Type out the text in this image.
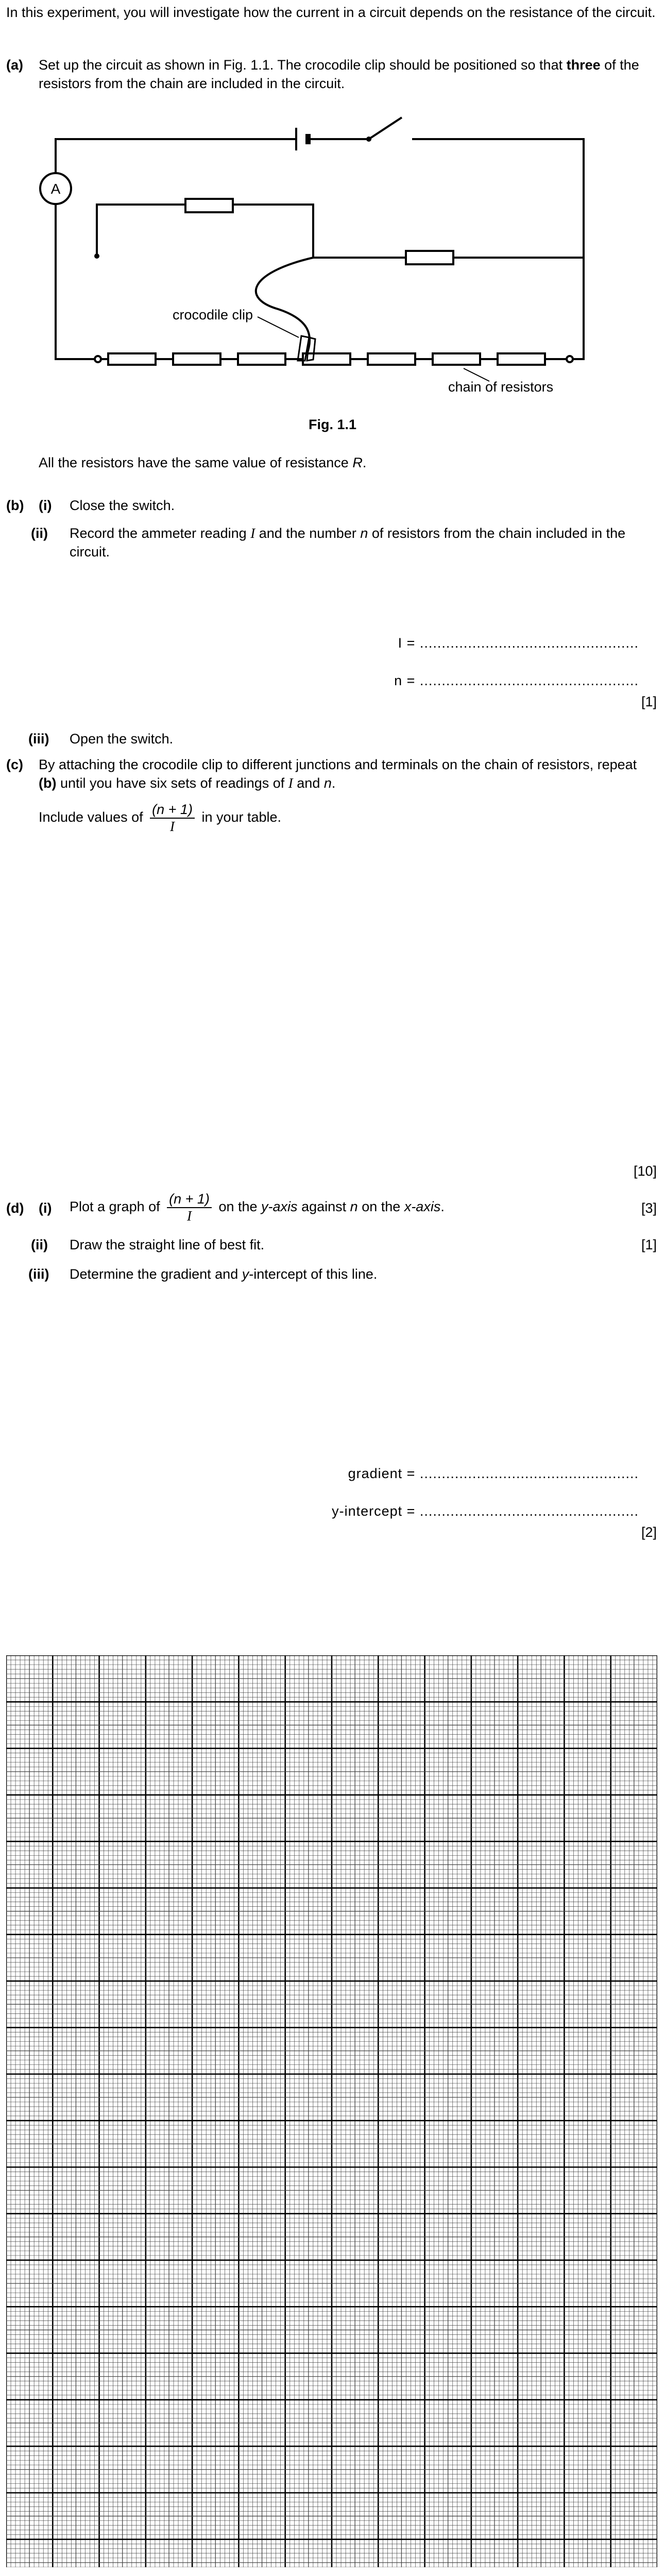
In this experiment, you will investigate how the current in a circuit depends on the resistance of the circuit.
(a) Set up the circuit as shown in Fig. 1.1. The crocodile clip should be positioned so that three of the resistors from the chain are included in the circuit.
A
crocodile clip
chain of resistors
Fig. 1.1
All the resistors have the same value of resistance R.
(b) (i) Close the switch.
(ii) Record the ammeter reading I and the number n of resistors from the chain included in the circuit.
I = ..................................................
n = ..................................................
[1]
(iii) Open the switch.
(c) By attaching the crocodile clip to different junctions and terminals on the chain of resistors, repeat (b) until you have six sets of readings of I and n.
Include values of $\frac{(n + 1)}{I}$ in your table.
[10]
(d) (i) Plot a graph of $\frac{(n + 1)}{I}$ on the y-axis against n on the x-axis.	[3]
(ii) Draw the straight line of best fit.	[1]
(iii) Determine the gradient and y-intercept of this line.
gradient = ..................................................
y-intercept = ..................................................
[2]
